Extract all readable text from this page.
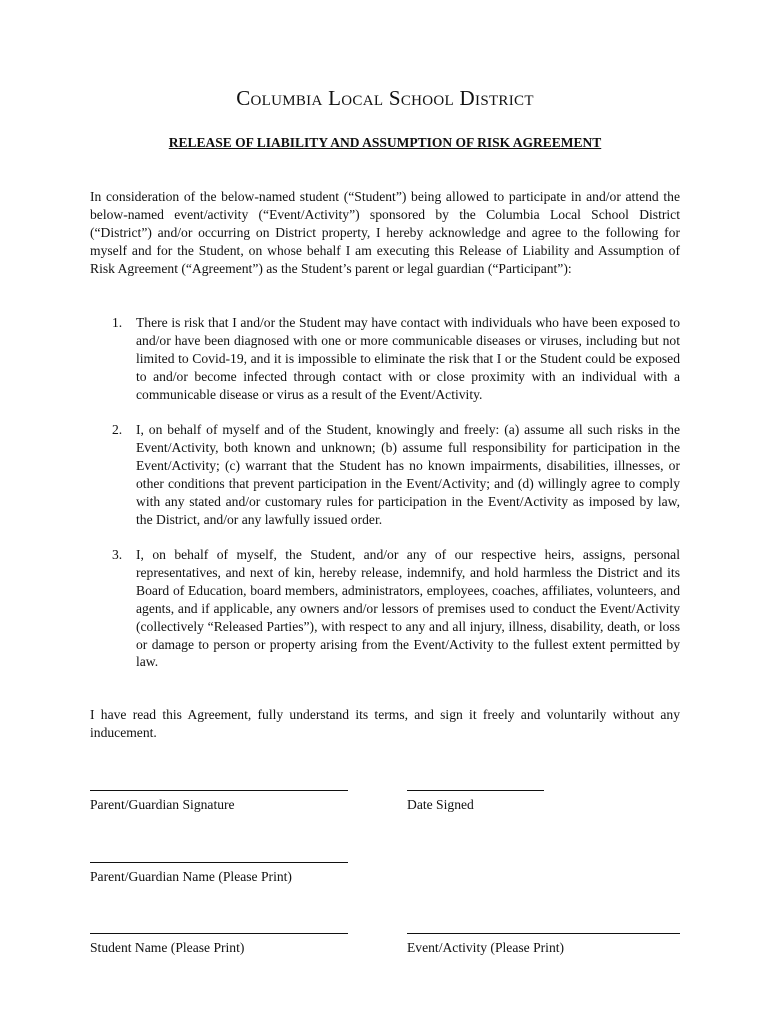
Columbia Local School District
RELEASE OF LIABILITY AND ASSUMPTION OF RISK AGREEMENT

In consideration of the below-named student (“Student”) being allowed to participate in and/or attend the below-named event/activity (“Event/Activity”) sponsored by the Columbia Local School District (“District”) and/or occurring on District property, I hereby acknowledge and agree to the following for myself and for the Student, on whose behalf I am executing this Release of Liability and Assumption of Risk Agreement (“Agreement”) as the Student’s parent or legal guardian (“Participant”):

1. There is risk that I and/or the Student may have contact with individuals who have been exposed to and/or have been diagnosed with one or more communicable diseases or viruses, including but not limited to Covid-19, and it is impossible to eliminate the risk that I or the Student could be exposed to and/or become infected through contact with or close proximity with an individual with a communicable disease or virus as a result of the Event/Activity.
2. I, on behalf of myself and of the Student, knowingly and freely: (a) assume all such risks in the Event/Activity, both known and unknown; (b) assume full responsibility for participation in the Event/Activity; (c) warrant that the Student has no known impairments, disabilities, illnesses, or other conditions that prevent participation in the Event/Activity; and (d) willingly agree to comply with any stated and/or customary rules for participation in the Event/Activity as imposed by law, the District, and/or any lawfully issued order.
3. I, on behalf of myself, the Student, and/or any of our respective heirs, assigns, personal representatives, and next of kin, hereby release, indemnify, and hold harmless the District and its Board of Education, board members, administrators, employees, coaches, affiliates, volunteers, and agents, and if applicable, any owners and/or lessors of premises used to conduct the Event/Activity (collectively “Released Parties”), with respect to any and all injury, illness, disability, death, or loss or damage to person or property arising from the Event/Activity to the fullest extent permitted by law.

I have read this Agreement, fully understand its terms, and sign it freely and voluntarily without any inducement.

Parent/Guardian Signature	Date Signed
Parent/Guardian Name (Please Print)
Student Name (Please Print)	Event/Activity (Please Print)
